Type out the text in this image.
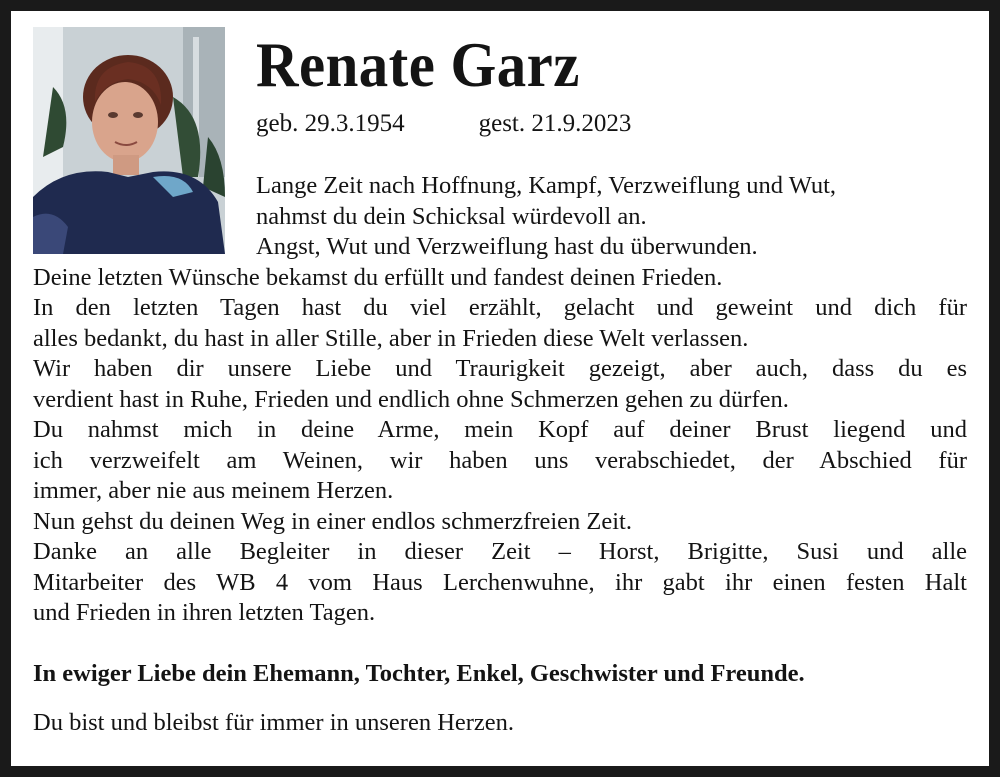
Renate Garz
geb. 29.3.1954	gest. 21.9.2023
Lange Zeit nach Hoffnung, Kampf, Verzweiflung und Wut,
nahmst du dein Schicksal würdevoll an.
Angst, Wut und Verzweiflung hast du überwunden.
Deine letzten Wünsche bekamst du erfüllt und fandest deinen Frieden.
In den letzten Tagen hast du viel erzählt, gelacht und geweint und dich für
alles bedankt, du hast in aller Stille, aber in Frieden diese Welt verlassen.
Wir haben dir unsere Liebe und Traurigkeit gezeigt, aber auch, dass du es
verdient hast in Ruhe, Frieden und endlich ohne Schmerzen gehen zu dürfen.
Du nahmst mich in deine Arme, mein Kopf auf deiner Brust liegend und
ich verzweifelt am Weinen, wir haben uns verabschiedet, der Abschied für
immer, aber nie aus meinem Herzen.
Nun gehst du deinen Weg in einer endlos schmerzfreien Zeit.
Danke an alle Begleiter in dieser Zeit – Horst, Brigitte, Susi und alle
Mitarbeiter des WB 4 vom Haus Lerchenwuhne, ihr gabt ihr einen festen Halt
und Frieden in ihren letzten Tagen.
In ewiger Liebe dein Ehemann, Tochter, Enkel, Geschwister und Freunde.
Du bist und bleibst für immer in unseren Herzen.
